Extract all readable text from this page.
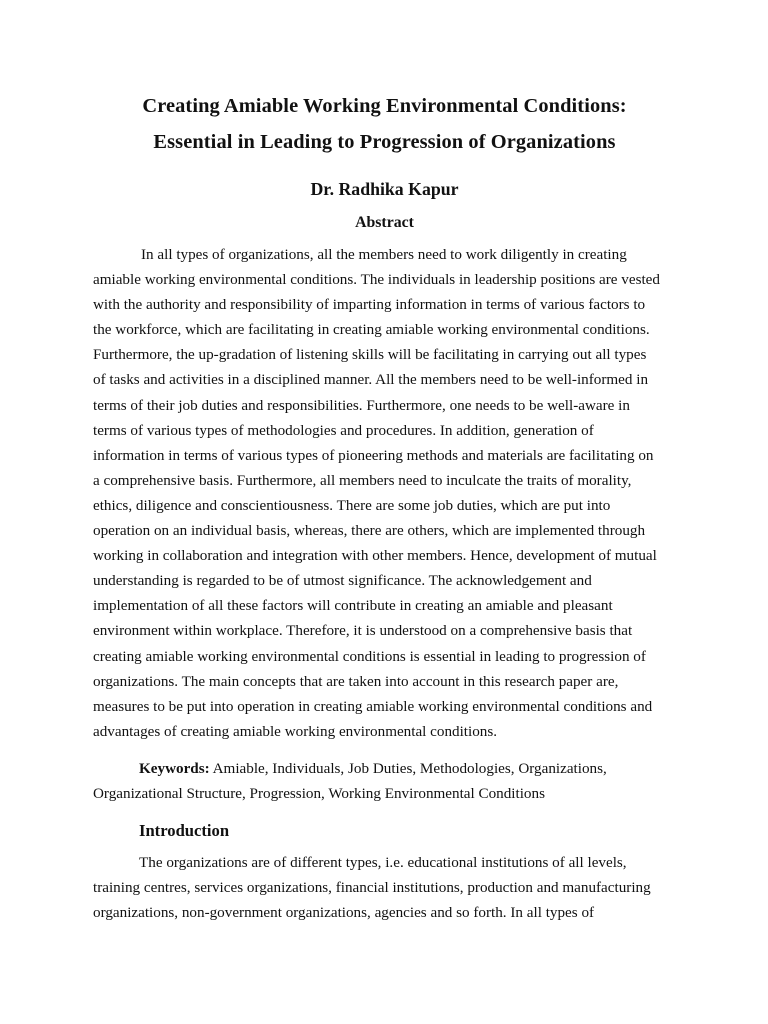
Creating Amiable Working Environmental Conditions:
Essential in Leading to Progression of Organizations
Dr. Radhika Kapur
Abstract
In all types of organizations, all the members need to work diligently in creating
amiable working environmental conditions. The individuals in leadership positions are vested
with the authority and responsibility of imparting information in terms of various factors to
the workforce, which are facilitating in creating amiable working environmental conditions.
Furthermore, the up-gradation of listening skills will be facilitating in carrying out all types
of tasks and activities in a disciplined manner. All the members need to be well-informed in
terms of their job duties and responsibilities. Furthermore, one needs to be well-aware in
terms of various types of methodologies and procedures. In addition, generation of
information in terms of various types of pioneering methods and materials are facilitating on
a comprehensive basis. Furthermore, all members need to inculcate the traits of morality,
ethics, diligence and conscientiousness. There are some job duties, which are put into
operation on an individual basis, whereas, there are others, which are implemented through
working in collaboration and integration with other members. Hence, development of mutual
understanding is regarded to be of utmost significance. The acknowledgement and
implementation of all these factors will contribute in creating an amiable and pleasant
environment within workplace. Therefore, it is understood on a comprehensive basis that
creating amiable working environmental conditions is essential in leading to progression of
organizations. The main concepts that are taken into account in this research paper are,
measures to be put into operation in creating amiable working environmental conditions and
advantages of creating amiable working environmental conditions.
Keywords: Amiable, Individuals, Job Duties, Methodologies, Organizations,
Organizational Structure, Progression, Working Environmental Conditions
Introduction
The organizations are of different types, i.e. educational institutions of all levels,
training centres, services organizations, financial institutions, production and manufacturing
organizations, non-government organizations, agencies and so forth. In all types of
